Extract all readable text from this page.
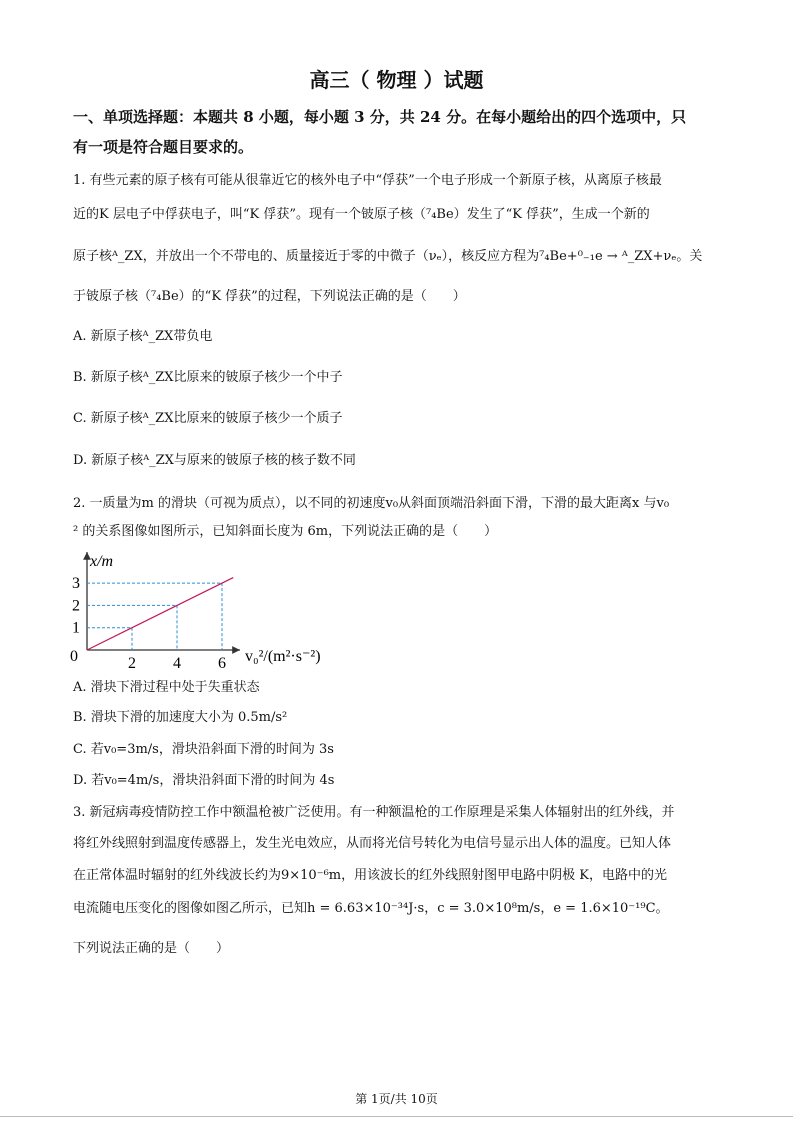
高三（ 物理 ）试题
一、单项选择题：本题共 8 小题，每小题 3 分，共 24 分。在每小题给出的四个选项中，只
有一项是符合题目要求的。
1. 有些元素的原子核有可能从很靠近它的核外电子中“俘获”一个电子形成一个新原子核，从离原子核最
近的K 层电子中俘获电子，叫“K 俘获”。现有一个铍原子核（⁷₄Be）发生了“K 俘获”，生成一个新的
原子核ᴬ_ZX，并放出一个不带电的、质量接近于零的中微子（νₑ），核反应方程为⁷₄Be+⁰₋₁e → ᴬ_ZX+νₑ。关
于铍原子核（⁷₄Be）的“K 俘获”的过程，下列说法正确的是（　　）
A. 新原子核ᴬ_ZX带负电
B. 新原子核ᴬ_ZX比原来的铍原子核少一个中子
C. 新原子核ᴬ_ZX比原来的铍原子核少一个质子
D. 新原子核ᴬ_ZX与原来的铍原子核的核子数不同
2. 一质量为m 的滑块（可视为质点），以不同的初速度v₀从斜面顶端沿斜面下滑，下滑的最大距离x 与v₀
² 的关系图像如图所示，已知斜面长度为 6m，下列说法正确的是（　　）
x/m
v₀²/(m²·s⁻²)
0	2 4 6
1
2
3
A. 滑块下滑过程中处于失重状态
B. 滑块下滑的加速度大小为 0.5m/s²
C. 若v₀=3m/s，滑块沿斜面下滑的时间为 3s
D. 若v₀=4m/s，滑块沿斜面下滑的时间为 4s
3. 新冠病毒疫情防控工作中额温枪被广泛使用。有一种额温枪的工作原理是采集人体辐射出的红外线，并
将红外线照射到温度传感器上，发生光电效应，从而将光信号转化为电信号显示出人体的温度。已知人体
在正常体温时辐射的红外线波长约为9×10⁻⁶m，用该波长的红外线照射图甲电路中阴极 K，电路中的光
电流随电压变化的图像如图乙所示，已知h = 6.63×10⁻³⁴J·s，c = 3.0×10⁸m/s，e = 1.6×10⁻¹⁹C。
下列说法正确的是（　　）
第 1页/共 10页
